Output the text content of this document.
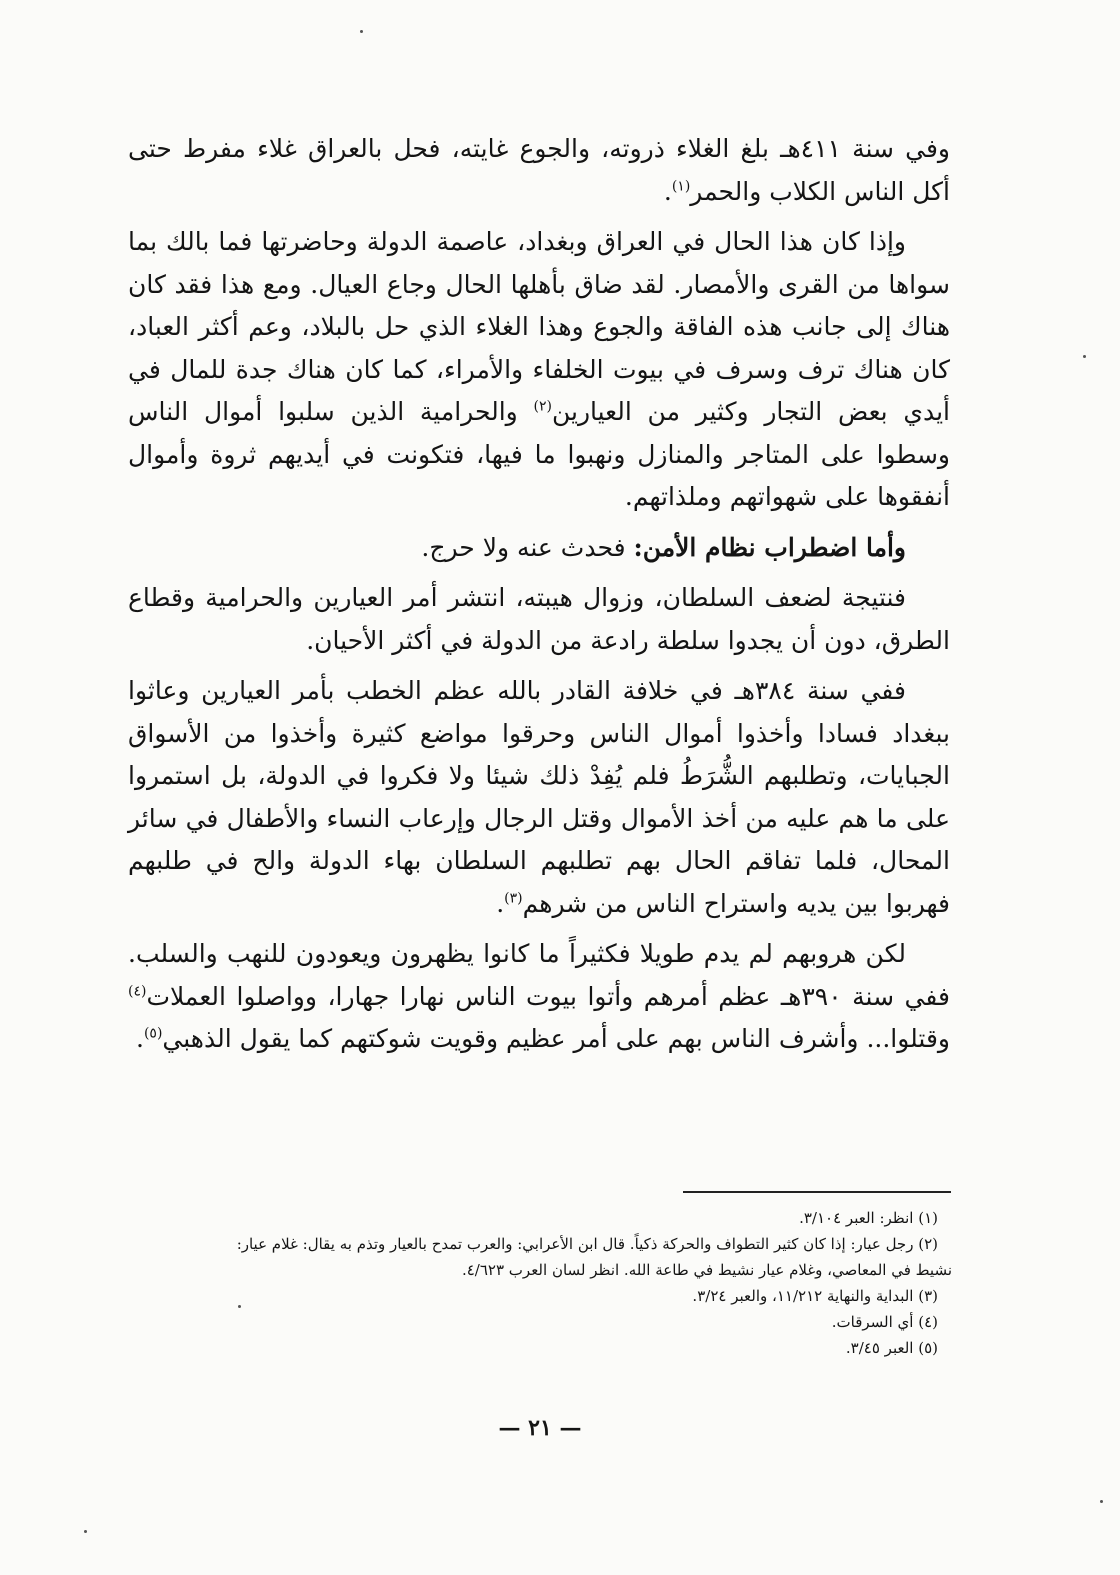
وفي سنة ٤١١هـ بلغ الغلاء ذروته، والجوع غايته، فحل بالعراق غلاء مفرط حتى أكل الناس الكلاب والحمر$^{(١)}$.

وإذا كان هذا الحال في العراق وبغداد، عاصمة الدولة وحاضرتها فما بالك بما سواها من القرى والأمصار. لقد ضاق بأهلها الحال وجاع العيال. ومع هذا فقد كان هناك إلى جانب هذه الفاقة والجوع وهذا الغلاء الذي حل بالبلاد، وعم أكثر العباد، كان هناك ترف وسرف في بيوت الخلفاء والأمراء، كما كان هناك جدة للمال في أيدي بعض التجار وكثير من العيارين$^{(٢)}$ والحرامية الذين سلبوا أموال الناس وسطوا على المتاجر والمنازل ونهبوا ما فيها، فتكونت في أيديهم ثروة وأموال أنفقوها على شهواتهم وملذاتهم.

وأما اضطراب نظام الأمن: فحدث عنه ولا حرج.

فنتيجة لضعف السلطان، وزوال هيبته، انتشر أمر العيارين والحرامية وقطاع الطرق، دون أن يجدوا سلطة رادعة من الدولة في أكثر الأحيان.

ففي سنة ٣٨٤هـ في خلافة القادر بالله عظم الخطب بأمر العيارين وعاثوا ببغداد فسادا وأخذوا أموال الناس وحرقوا مواضع كثيرة وأخذوا من الأسواق الجبايات، وتطلبهم الشُّرَطُ فلم يُفِدْ ذلك شيئا ولا فكروا في الدولة، بل استمروا على ما هم عليه من أخذ الأموال وقتل الرجال وإرعاب النساء والأطفال في سائر المحال، فلما تفاقم الحال بهم تطلبهم السلطان بهاء الدولة والح في طلبهم فهربوا بين يديه واستراح الناس من شرهم$^{(٣)}$.

لكن هروبهم لم يدم طويلا فكثيراً ما كانوا يظهرون ويعودون للنهب والسلب. ففي سنة ٣٩٠هـ عظم أمرهم وأتوا بيوت الناس نهارا جهارا، وواصلوا العملات$^{(٤)}$ وقتلوا... وأشرف الناس بهم على أمر عظيم وقويت شوكتهم كما يقول الذهبي$^{(٥)}$.

(١) انظر: العبر ٣/١٠٤.

(٢) رجل عيار: إذا كان كثير التطواف والحركة ذكياً. قال ابن الأعرابي: والعرب تمدح بالعيار وتذم به يقال: غلام عيار:

نشيط في المعاصي، وغلام عيار نشيط في طاعة الله. انظر لسان العرب ٤/٦٢٣.

(٣) البداية والنهاية ١١/٢١٢، والعبر ٣/٢٤.

(٤) أي السرقات.

(٥) العبر ٣/٤٥.

— ٢١ —
